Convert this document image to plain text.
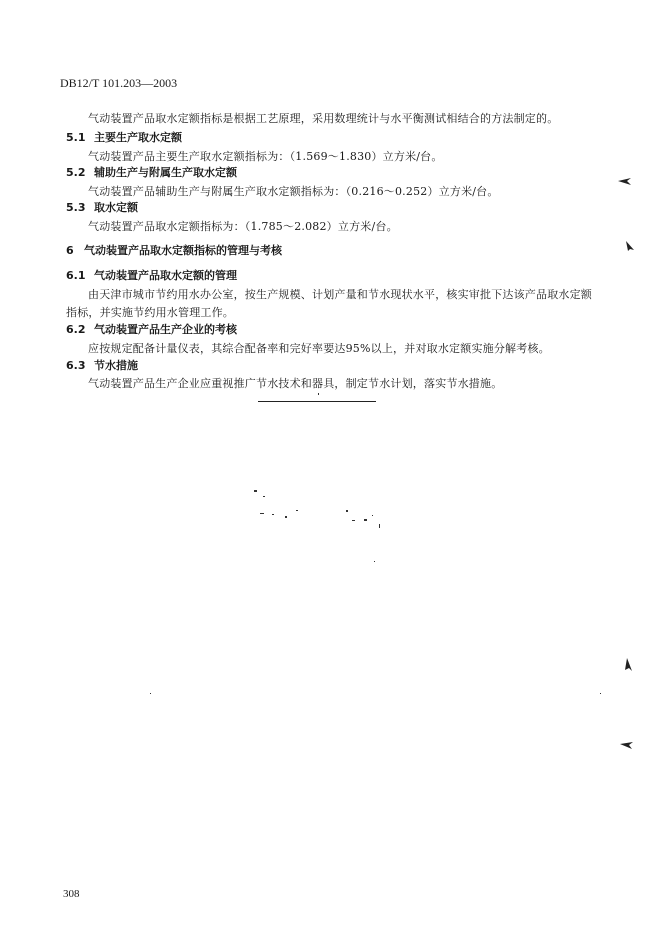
DB12/T 101.203—2003
气动装置产品取水定额指标是根据工艺原理，采用数理统计与水平衡测试相结合的方法制定的。
5.1 主要生产取水定额
气动装置产品主要生产取水定额指标为：（1.569～1.830）立方米/台。
5.2 辅助生产与附属生产取水定额
气动装置产品辅助生产与附属生产取水定额指标为：（0.216～0.252）立方米/台。
5.3 取水定额
气动装置产品取水定额指标为：（1.785～2.082）立方米/台。
6 气动装置产品取水定额指标的管理与考核
6.1 气动装置产品取水定额的管理
由天津市城市节约用水办公室，按生产规模、计划产量和节水现状水平，核实审批下达该产品取水定额
指标，并实施节约用水管理工作。
6.2 气动装置产品生产企业的考核
应按规定配备计量仪表，其综合配备率和完好率要达95%以上，并对取水定额实施分解考核。
6.3 节水措施
气动装置产品生产企业应重视推广节水技术和器具，制定节水计划，落实节水措施。
308
